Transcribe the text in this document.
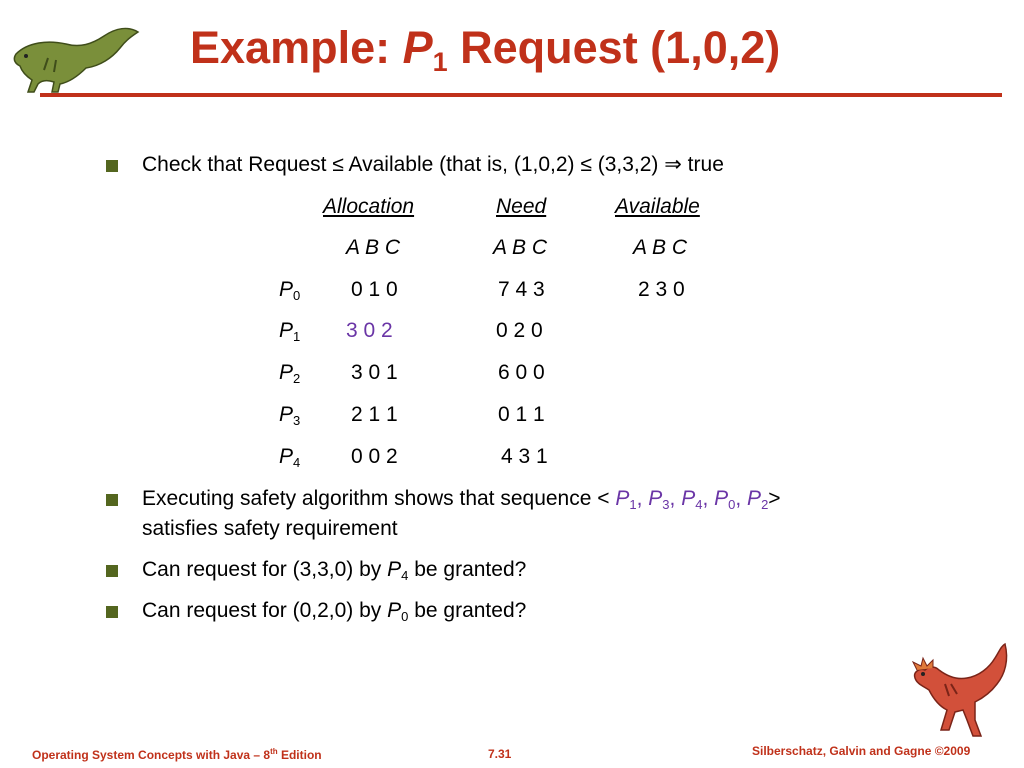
Example: $P_1$ Request (1,0,2)
Check that Request ≤ Available (that is, (1,0,2) ≤ (3,3,2) ⇒ true
Allocation	Need	Available
A B C	A B C	A B C
$P_0$ 0 1 0	7 4 3	2 3 0
$P_1$ 3 0 2	0 2 0
$P_2$ 3 0 1	6 0 0
$P_3$ 2 1 1	0 1 1
$P_4$ 0 0 2	4 3 1
Executing safety algorithm shows that sequence < $P_1$, $P_3$, $P_4$, $P_0$, $P_2>$
satisfies safety requirement
Can request for (3,3,0) by $P_4$ be granted?
Can request for (0,2,0) by $P_0$ be granted?
Operating System Concepts with Java – 8th Edition	7.31	Silberschatz, Galvin and Gagne ©2009
